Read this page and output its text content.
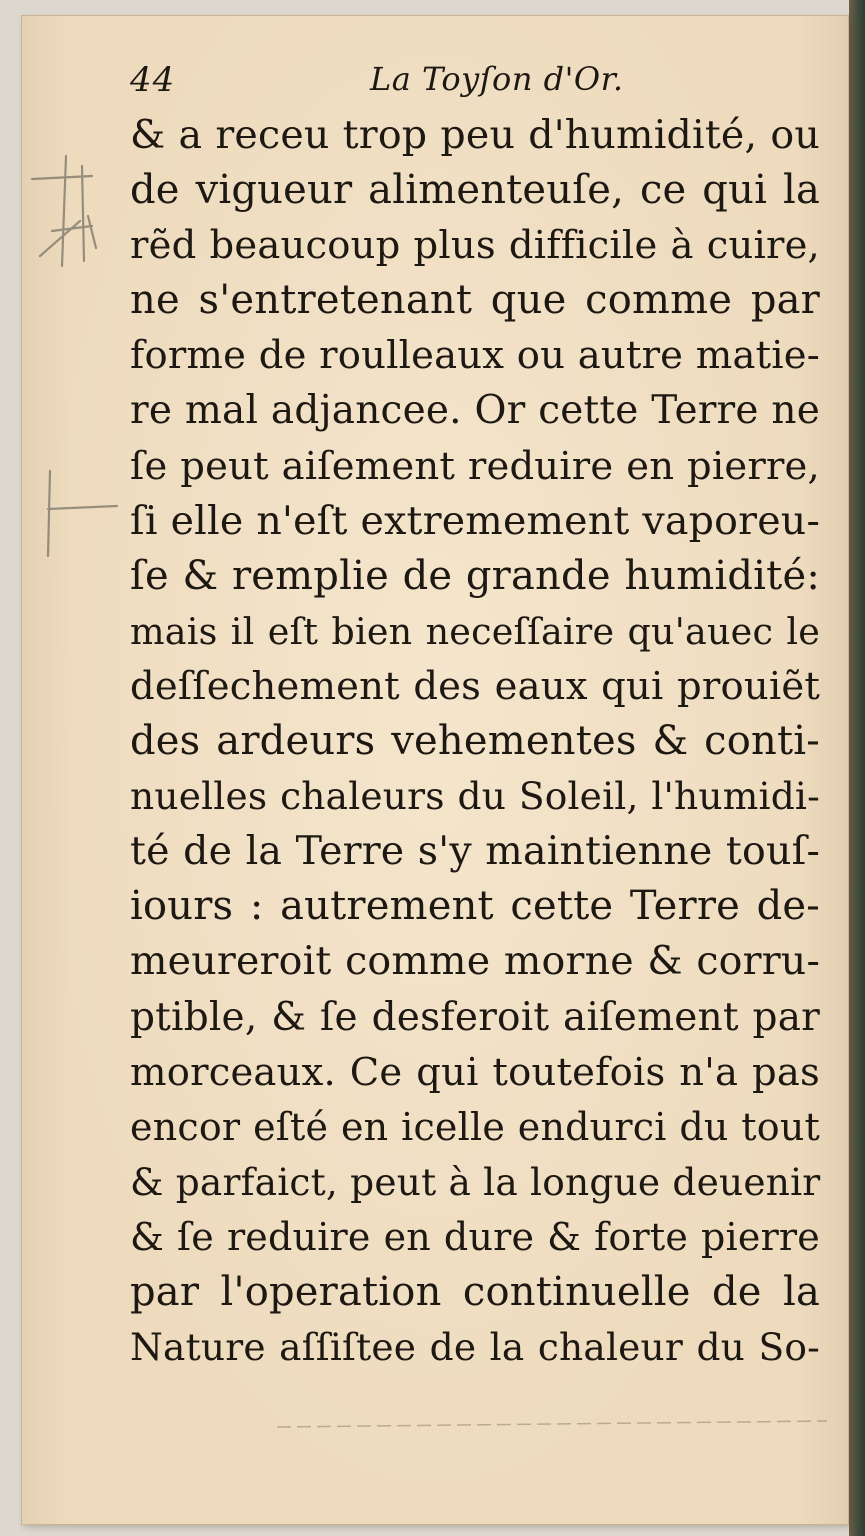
44	La Toyſon d'Or.
& a receu trop peu d'humidité, ou
de vigueur alimenteuſe, ce qui la
rẽd beaucoup plus difficile à cuire,
ne s'entretenant que comme par
forme de roulleaux ou autre matie-
re mal adjancee. Or cette Terre ne
ſe peut aiſement reduire en pierre,
ſi elle n'eſt extremement vaporeu-
ſe & remplie de grande humidité:
mais il eſt bien neceſſaire qu'auec le
deſſechement des eaux qui prouiẽt
des ardeurs vehementes & conti-
nuelles chaleurs du Soleil, l'humidi-
té de la Terre s'y maintienne touſ-
iours : autrement cette Terre de-
meureroit comme morne & corru-
ptible, & ſe desferoit aiſement par
morceaux. Ce qui toutefois n'a pas
encor eſté en icelle endurci du tout
& parfaict, peut à la longue deuenir
& ſe reduire en dure & forte pierre
par l'operation continuelle de la
Nature aſſiſtee de la chaleur du So-
